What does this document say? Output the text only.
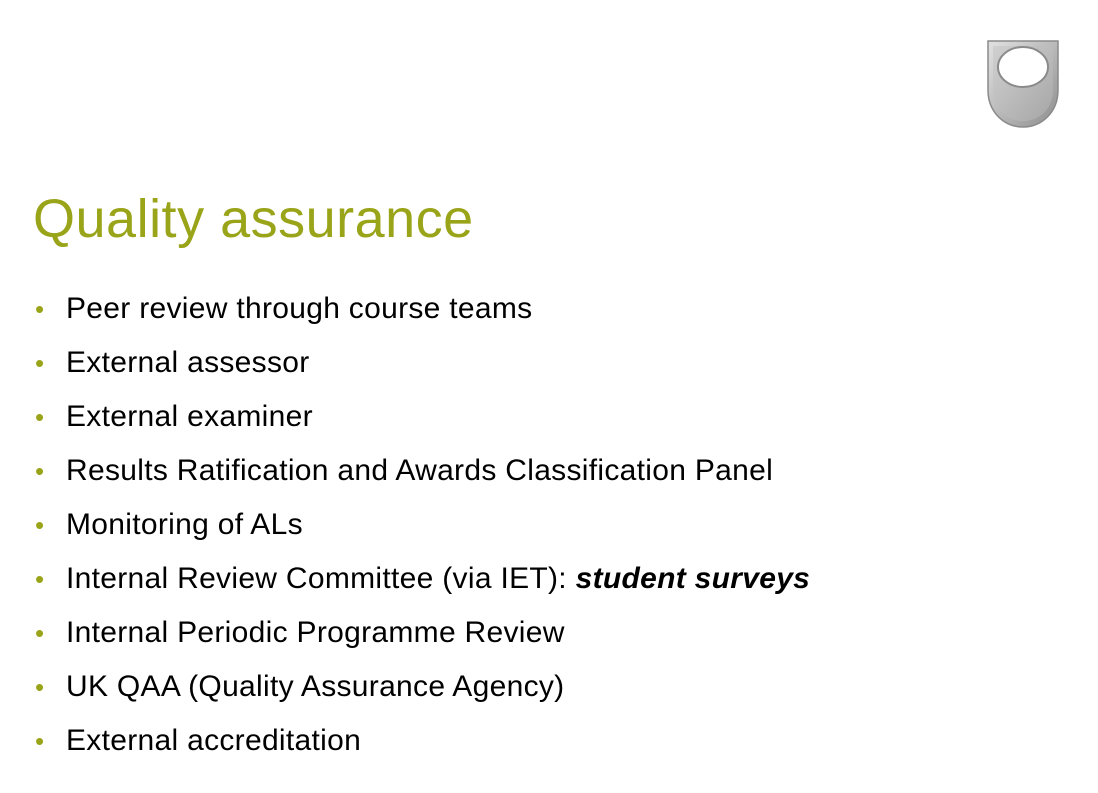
Quality assurance
• Peer review through course teams
• External assessor
• External examiner
• Results Ratification and Awards Classification Panel
• Monitoring of ALs
• Internal Review Committee (via IET): student surveys
• Internal Periodic Programme Review
• UK QAA (Quality Assurance Agency)
• External accreditation
